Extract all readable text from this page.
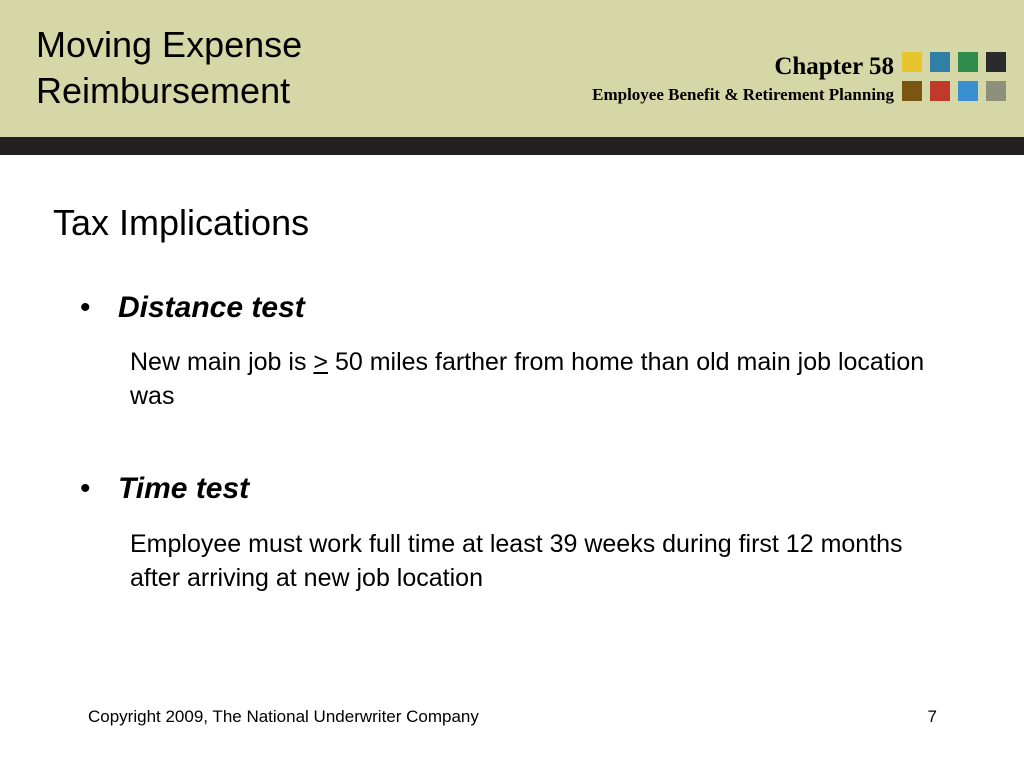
Moving Expense
Reimbursement
Chapter 58
Employee Benefit & Retirement Planning
Tax Implications
• Distance test
New main job is ≥ 50 miles farther from home than old main job location was
• Time test
Employee must work full time at least 39 weeks during first 12 months after arriving at new job location
Copyright 2009, The National Underwriter Company	7
